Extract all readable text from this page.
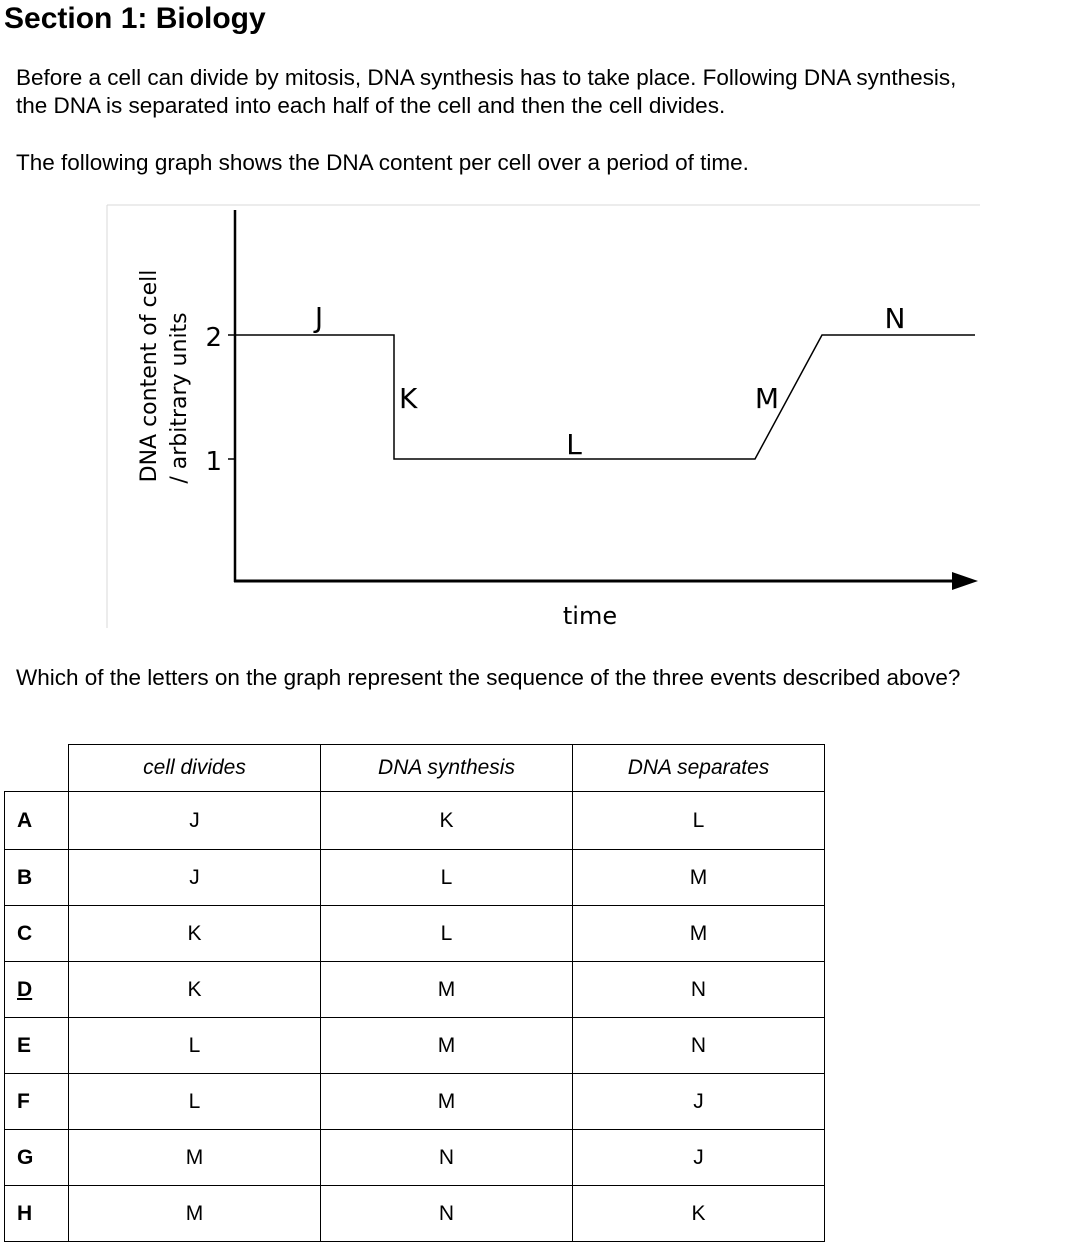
Section 1: Biology

Before a cell can divide by mitosis, DNA synthesis has to take place. Following DNA synthesis,
the DNA is separated into each half of the cell and then the cell divides.

The following graph shows the DNA content per cell over a period of time.

2
1
DNA content of cell / arbitrary units
time
J
K
L
M
N

Which of the letters on the graph represent the sequence of the three events described above?

	cell divides	DNA synthesis	DNA separates
A	J	K	L
B	J	L	M
C	K	L	M
D	K	M	N
E	L	M	N
F	L	M	J
G	M	N	J
H	M	N	K
